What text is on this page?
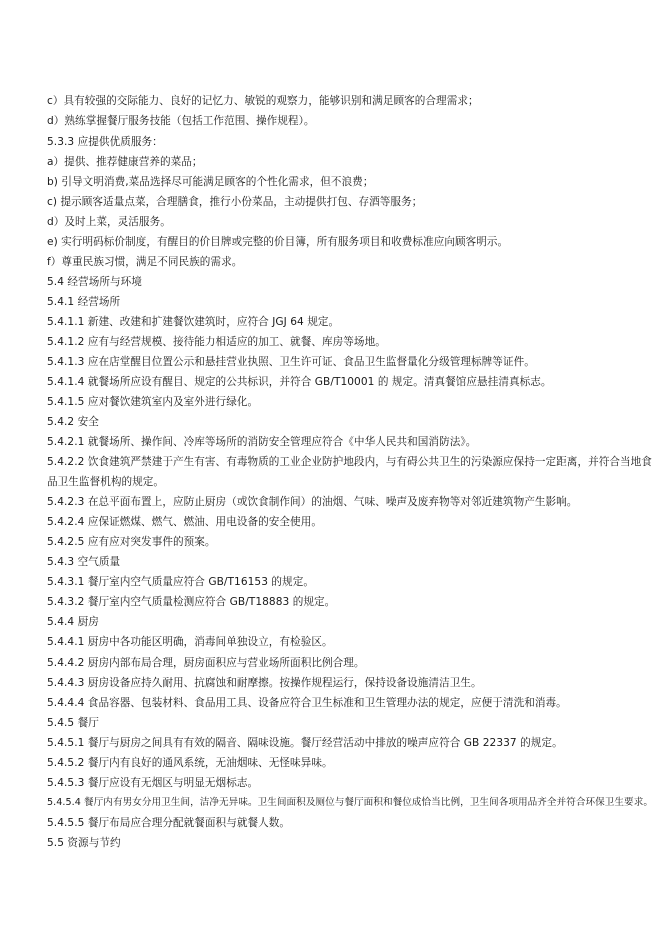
c）具有较强的交际能力、良好的记忆力、敏锐的观察力，能够识别和满足顾客的合理需求；
d）熟练掌握餐厅服务技能（包括工作范围、操作规程）。
5.3.3 应提供优质服务：
a）提供、推荐健康营养的菜品；
b) 引导文明消费,菜品选择尽可能满足顾客的个性化需求，但不浪费；
c) 提示顾客适量点菜，合理膳食，推行小份菜品，主动提供打包、存酒等服务；
d）及时上菜，灵活服务。
e) 实行明码标价制度，有醒目的价目牌或完整的价目簿，所有服务项目和收费标准应向顾客明示。
f）尊重民族习惯，满足不同民族的需求。
5.4 经营场所与环境
5.4.1 经营场所
5.4.1.1 新建、改建和扩建餐饮建筑时，应符合 JGJ 64 规定。
5.4.1.2 应有与经营规模、接待能力相适应的加工、就餐、库房等场地。
5.4.1.3 应在店堂醒目位置公示和悬挂营业执照、卫生许可证、食品卫生监督量化分级管理标牌等证件。
5.4.1.4 就餐场所应设有醒目、规定的公共标识，并符合 GB/T10001 的 规定。清真餐馆应悬挂清真标志。
5.4.1.5 应对餐饮建筑室内及室外进行绿化。
5.4.2 安全
5.4.2.1 就餐场所、操作间、冷库等场所的消防安全管理应符合《中华人民共和国消防法》。
5.4.2.2 饮食建筑严禁建于产生有害、有毒物质的工业企业防护地段内，与有碍公共卫生的污染源应保持一定距离，并符合当地食品卫生监督机构的规定。
5.4.2.3 在总平面布置上，应防止厨房（或饮食制作间）的油烟、气味、噪声及废弃物等对邻近建筑物产生影响。
5.4.2.4 应保证燃煤、燃气、燃油、用电设备的安全使用。
5.4.2.5 应有应对突发事件的预案。
5.4.3 空气质量
5.4.3.1 餐厅室内空气质量应符合 GB/T16153 的规定。
5.4.3.2 餐厅室内空气质量检测应符合 GB/T18883 的规定。
5.4.4 厨房
5.4.4.1 厨房中各功能区明确，消毒间单独设立，有检验区。
5.4.4.2 厨房内部布局合理，厨房面积应与营业场所面积比例合理。
5.4.4.3 厨房设备应持久耐用、抗腐蚀和耐摩擦。按操作规程运行，保持设备设施清洁卫生。
5.4.4.4 食品容器、包装材料、食品用工具、设备应符合卫生标准和卫生管理办法的规定，应便于清洗和消毒。
5.4.5 餐厅
5.4.5.1 餐厅与厨房之间具有有效的隔音、隔味设施。餐厅经营活动中排放的噪声应符合 GB 22337 的规定。
5.4.5.2 餐厅内有良好的通风系统，无油烟味、无怪味异味。
5.4.5.3 餐厅应设有无烟区与明显无烟标志。
5.4.5.4 餐厅内有男女分用卫生间，洁净无异味。卫生间面积及厕位与餐厅面积和餐位成恰当比例，卫生间各项用品齐全并符合环保卫生要求。
5.4.5.5 餐厅布局应合理分配就餐面积与就餐人数。
5.5 资源与节约
